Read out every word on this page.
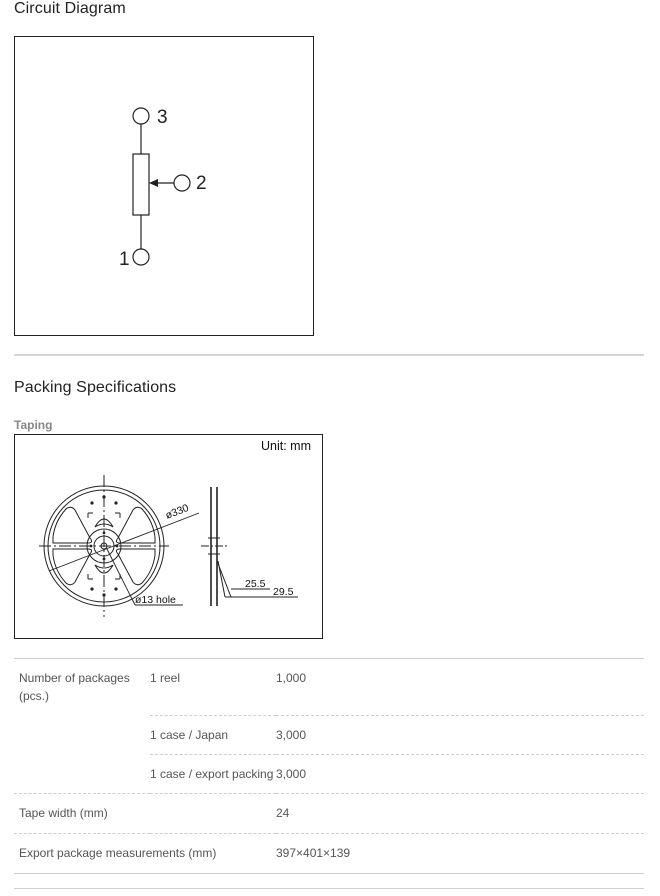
Circuit Diagram
3
2
1
Packing Specifications
Taping
Unit: mm
ø330
ø13 hole
25.5
29.5
Number of packages (pcs.)	1 reel	1,000
	1 case / Japan	3,000
	1 case / export packing	3,000
Tape width (mm)		24
Export package measurements (mm)		397×401×139
